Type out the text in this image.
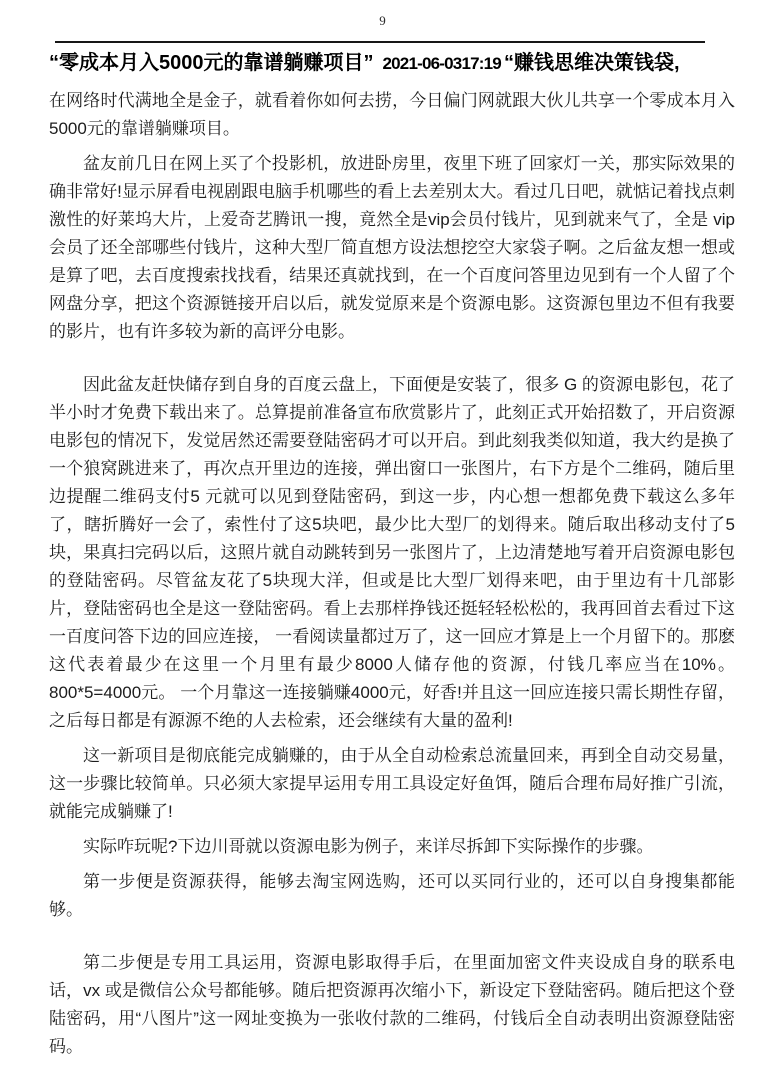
9
“零成本月入5000元的靠谱躺赚项目” 2021-06-0317:19 “赚钱思维决策钱袋,

在网络时代满地全是金子，就看着你如何去捞，今日偏门网就跟大伙儿共享一个零成本月入5000元的靠谱躺赚项目。

盆友前几日在网上买了个投影机，放进卧房里，夜里下班了回家灯一关，那实际效果的确非常好!显示屏看电视剧跟电脑手机哪些的看上去差别太大。看过几日吧，就惦记着找点刺激性的好莱坞大片，上爱奇艺腾讯一搜，竟然全是vip会员付钱片，见到就来气了，全是 vip会员了还全部哪些付钱片，这种大型厂简直想方设法想挖空大家袋子啊。之后盆友想一想或是算了吧，去百度搜索找找看，结果还真就找到，在一个百度问答里边见到有一个人留了个网盘分享，把这个资源链接开启以后，就发觉原来是个资源电影。这资源包里边不但有我要的影片，也有许多较为新的高评分电影。

因此盆友赶快储存到自身的百度云盘上，下面便是安装了，很多 G 的资源电影包，花了半小时才免费下载出来了。总算提前准备宣布欣赏影片了，此刻正式开始招数了，开启资源电影包的情况下，发觉居然还需要登陆密码才可以开启。到此刻我类似知道，我大约是换了一个狼窝跳进来了，再次点开里边的连接，弹出窗口一张图片，右下方是个二维码，随后里边提醒二维码支付5 元就可以见到登陆密码，到这一步，内心想一想都免费下载这么多年了，瞎折腾好一会了，索性付了这5块吧，最少比大型厂的划得来。随后取出移动支付了5块，果真扫完码以后，这照片就自动跳转到另一张图片了，上边清楚地写着开启资源电影包的登陆密码。尽管盆友花了5块现大洋，但或是比大型厂划得来吧，由于里边有十几部影片，登陆密码也全是这一登陆密码。看上去那样挣钱还挺轻轻松松的，我再回首去看过下这一百度问答下边的回应连接， 一看阅读量都过万了，这一回应才算是上一个月留下的。那麽这代表着最少在这里一个月里有最少8000人储存他的资源，付钱几率应当在10%。800*5=4000元。 一个月靠这一连接躺赚4000元，好香!并且这一回应连接只需长期性存留，之后每日都是有源源不绝的人去检索，还会继续有大量的盈利!

这一新项目是彻底能完成躺赚的，由于从全自动检索总流量回来，再到全自动交易量，这一步骤比较简单。只必须大家提早运用专用工具设定好鱼饵，随后合理布局好推广引流，就能完成躺赚了!

实际咋玩呢?下边川哥就以资源电影为例子，来详尽拆卸下实际操作的步骤。

第一步便是资源获得，能够去淘宝网选购，还可以买同行业的，还可以自身搜集都能够。

第二步便是专用工具运用，资源电影取得手后，在里面加密文件夹设成自身的联系电话，vx 或是微信公众号都能够。随后把资源再次缩小下，新设定下登陆密码。随后把这个登陆密码，用“八图片”这一网址变换为一张收付款的二维码，付钱后全自动表明出资源登陆密码。
